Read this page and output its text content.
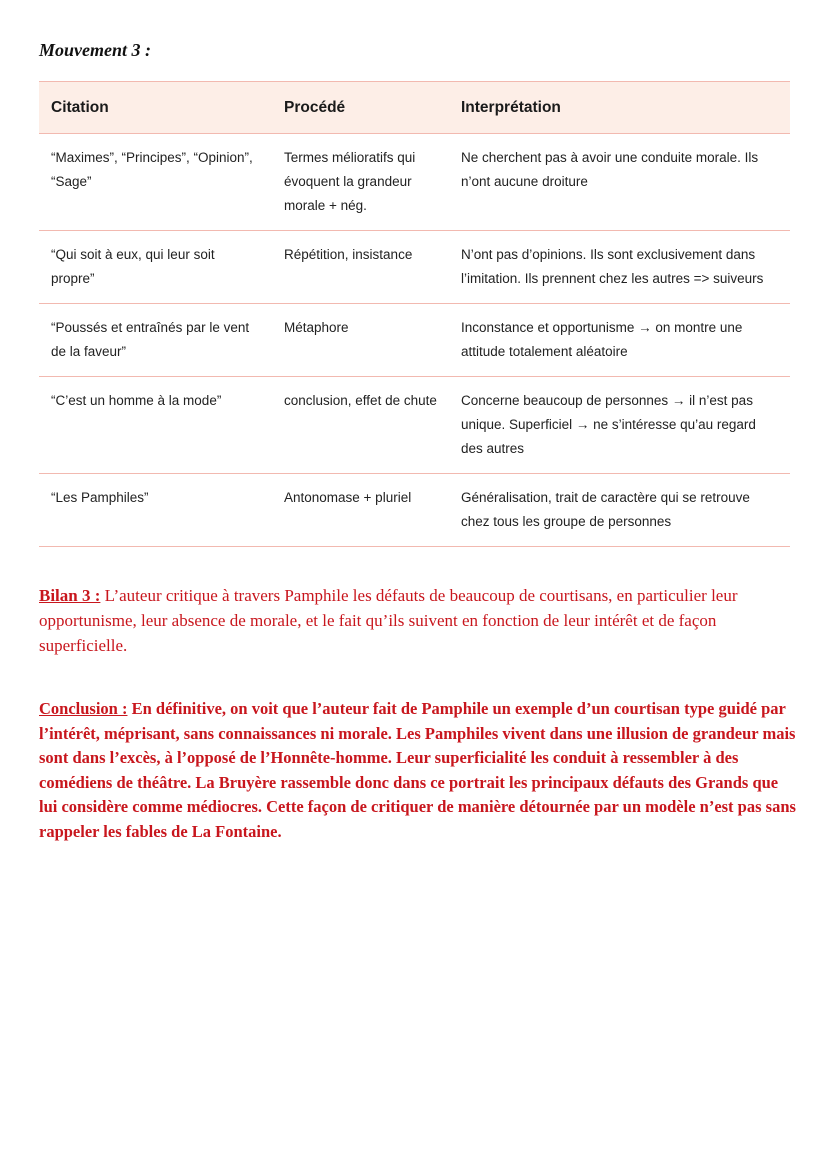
Mouvement 3 :
Citation	Procédé	Interprétation
“Maximes”, “Principes”, “Opinion”, “Sage”	Termes mélioratifs qui évoquent la grandeur morale + nég.	Ne cherchent pas à avoir une conduite morale. Ils n’ont aucune droiture
“Qui soit à eux, qui leur soit propre”	Répétition, insistance	N’ont pas d’opinions. Ils sont exclusivement dans l’imitation. Ils prennent chez les autres => suiveurs
“Poussés et entraînés par le vent de la faveur”	Métaphore	Inconstance et opportunisme → on montre une attitude totalement aléatoire
“C’est un homme à la mode”	conclusion, effet de chute	Concerne beaucoup de personnes → il n’est pas unique. Superficiel → ne s’intéresse qu’au regard des autres
“Les Pamphiles”	Antonomase + pluriel	Généralisation, trait de caractère qui se retrouve chez tous les groupe de personnes

Bilan 3 : L’auteur critique à travers Pamphile les défauts de beaucoup de courtisans, en particulier leur opportunisme, leur absence de morale, et le fait qu’ils suivent en fonction de leur intérêt et de façon superficielle.

Conclusion : En définitive, on voit que l’auteur fait de Pamphile un exemple d’un courtisan type guidé par l’intérêt, méprisant, sans connaissances ni morale. Les Pamphiles vivent dans une illusion de grandeur mais sont dans l’excès, à l’opposé de l’Honnête-homme. Leur superficialité les conduit à ressembler à des comédiens de théâtre. La Bruyère rassemble donc dans ce portrait les principaux défauts des Grands que lui considère comme médiocres. Cette façon de critiquer de manière détournée par un modèle n’est pas sans rappeler les fables de La Fontaine.
